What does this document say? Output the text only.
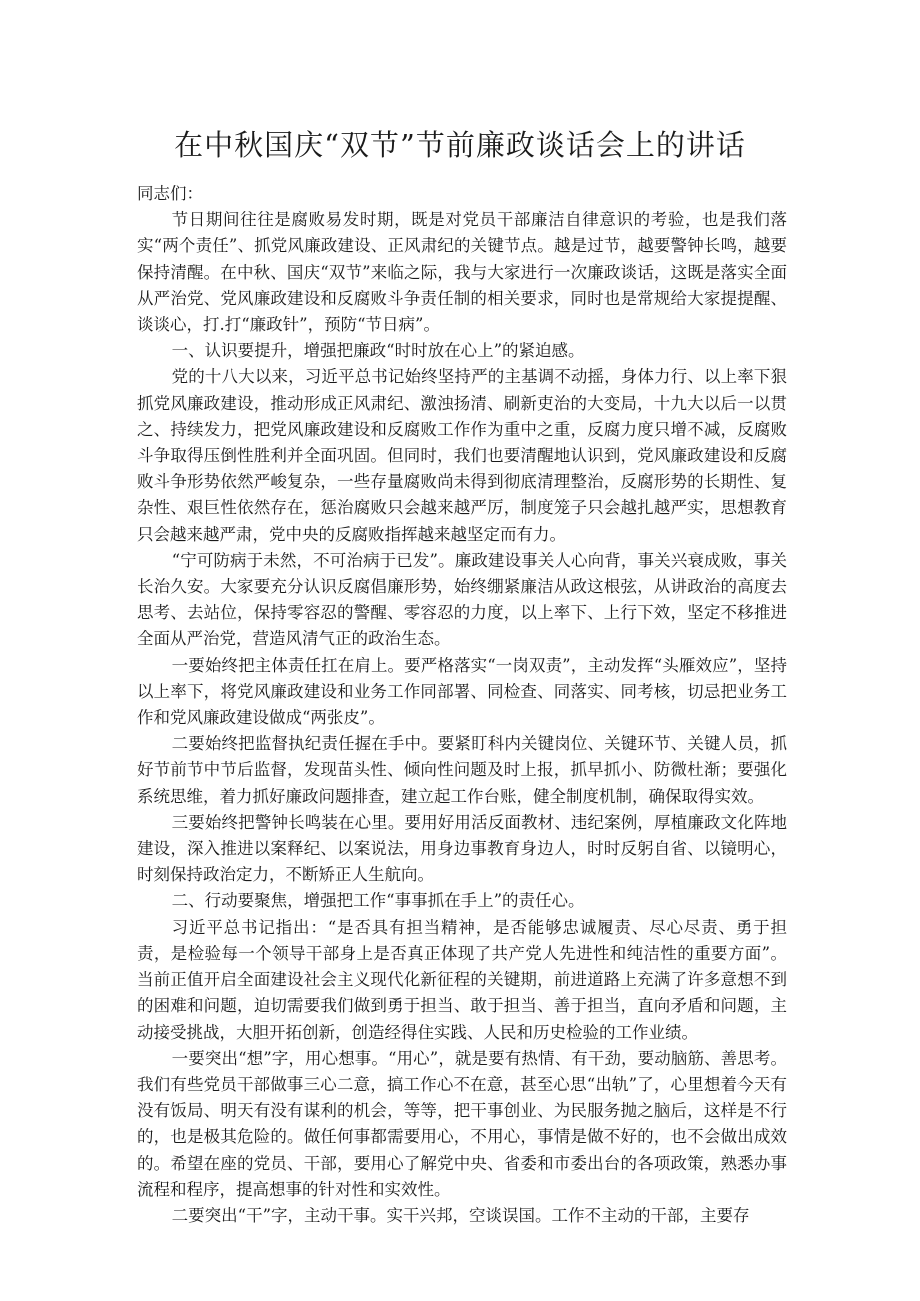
在中秋国庆“双节”节前廉政谈话会上的讲话

同志们：

节日期间往往是腐败易发时期，既是对党员干部廉洁自律意识的考验，也是我们落实“两个责任”、抓党风廉政建设、正风肃纪的关键节点。越是过节，越要警钟长鸣，越要保持清醒。在中秋、国庆“双节”来临之际，我与大家进行一次廉政谈话，这既是落实全面从严治党、党风廉政建设和反腐败斗争责任制的相关要求，同时也是常规给大家提提醒、谈谈心，打.打“廉政针”，预防“节日病”。

一、认识要提升，增强把廉政“时时放在心上”的紧迫感。

党的十八大以来，习近平总书记始终坚持严的主基调不动摇，身体力行、以上率下狠抓党风廉政建设，推动形成正风肃纪、激浊扬清、刷新吏治的大变局，十九大以后一以贯之、持续发力，把党风廉政建设和反腐败工作作为重中之重，反腐力度只增不减，反腐败斗争取得压倒性胜利并全面巩固。但同时，我们也要清醒地认识到，党风廉政建设和反腐败斗争形势依然严峻复杂，一些存量腐败尚未得到彻底清理整治，反腐形势的长期性、复杂性、艰巨性依然存在，惩治腐败只会越来越严厉，制度笼子只会越扎越严实，思想教育只会越来越严肃，党中央的反腐败指挥越来越坚定而有力。

“宁可防病于未然，不可治病于已发”。廉政建设事关人心向背，事关兴衰成败，事关长治久安。大家要充分认识反腐倡廉形势，始终绷紧廉洁从政这根弦，从讲政治的高度去思考、去站位，保持零容忍的警醒、零容忍的力度，以上率下、上行下效，坚定不移推进全面从严治党，营造风清气正的政治生态。

一要始终把主体责任扛在肩上。要严格落实“一岗双责”，主动发挥“头雁效应”，坚持以上率下，将党风廉政建设和业务工作同部署、同检查、同落实、同考核，切忌把业务工作和党风廉政建设做成“两张皮”。

二要始终把监督执纪责任握在手中。要紧盯科内关键岗位、关键环节、关键人员，抓好节前节中节后监督，发现苗头性、倾向性问题及时上报，抓早抓小、防微杜渐；要强化系统思维，着力抓好廉政问题排查，建立起工作台账，健全制度机制，确保取得实效。

三要始终把警钟长鸣装在心里。要用好用活反面教材、违纪案例，厚植廉政文化阵地建设，深入推进以案释纪、以案说法，用身边事教育身边人，时时反躬自省、以镜明心，时刻保持政治定力，不断矫正人生航向。

二、行动要聚焦，增强把工作“事事抓在手上”的责任心。

习近平总书记指出：“是否具有担当精神，是否能够忠诚履责、尽心尽责、勇于担责，是检验每一个领导干部身上是否真正体现了共产党人先进性和纯洁性的重要方面”。当前正值开启全面建设社会主义现代化新征程的关键期，前进道路上充满了许多意想不到的困难和问题，迫切需要我们做到勇于担当、敢于担当、善于担当，直向矛盾和问题，主动接受挑战，大胆开拓创新，创造经得住实践、人民和历史检验的工作业绩。

一要突出“想”字，用心想事。“用心”，就是要有热情、有干劲，要动脑筋、善思考。我们有些党员干部做事三心二意，搞工作心不在意，甚至心思“出轨”了，心里想着今天有没有饭局、明天有没有谋利的机会，等等，把干事创业、为民服务抛之脑后，这样是不行的，也是极其危险的。做任何事都需要用心，不用心，事情是做不好的，也不会做出成效的。希望在座的党员、干部，要用心了解党中央、省委和市委出台的各项政策，熟悉办事流程和程序，提高想事的针对性和实效性。

二要突出“干”字，主动干事。实干兴邦，空谈误国。工作不主动的干部，主要存
